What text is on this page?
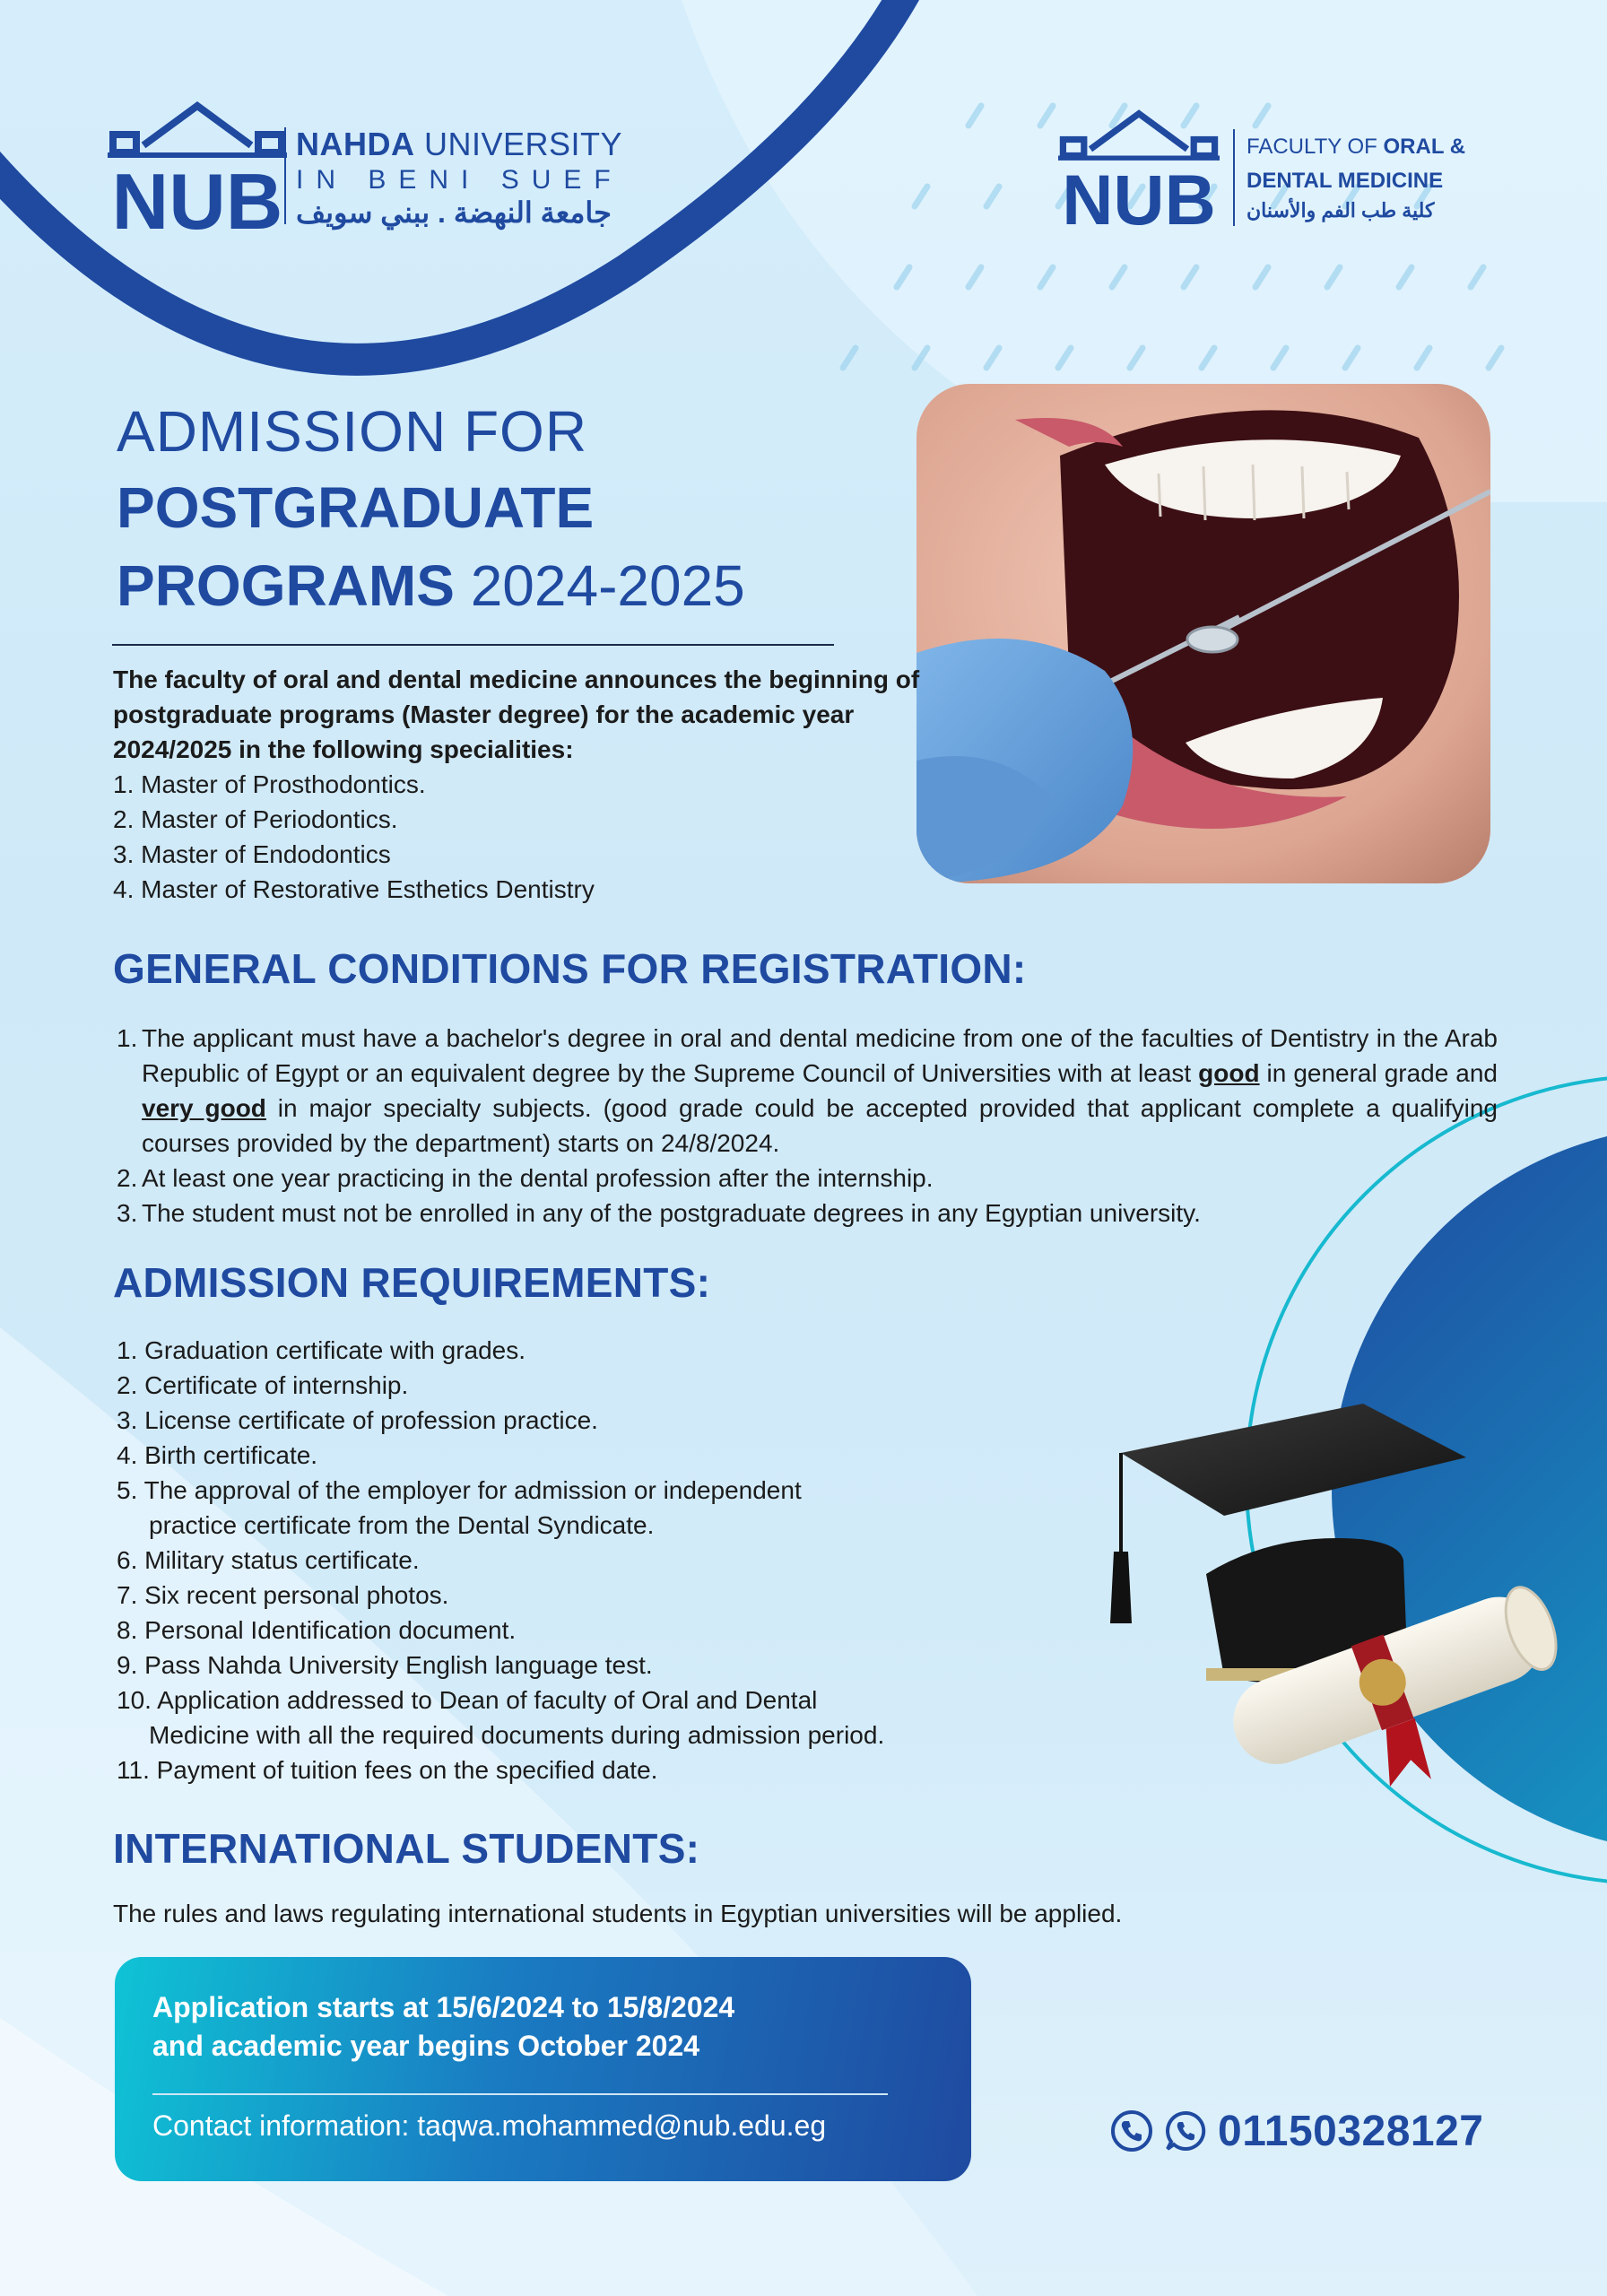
NUB
NAHDA UNIVERSITY
IN BENI SUEF
جامعة النهضة . ببني سويف	NUB
FACULTY OF ORAL &
DENTAL MEDICINE
كلية طب الفم والأسنان
ADMISSION FOR
POSTGRADUATE
PROGRAMS 2024-2025
The faculty of oral and dental medicine announces the beginning of postgraduate programs (Master degree) for the academic year 2024/2025 in the following specialities:
1. Master of Prosthodontics.
2. Master of Periodontics.
3. Master of Endodontics
4. Master of Restorative Esthetics Dentistry
GENERAL CONDITIONS FOR REGISTRATION:
1. The applicant must have a bachelor's degree in oral and dental medicine from one of the faculties of Dentistry in the Arab Republic of Egypt or an equivalent degree by the Supreme Council of Universities with at least good in general grade and very good in major specialty subjects. (good grade could be accepted provided that applicant complete a qualifying courses provided by the department) starts on 24/8/2024.
2. At least one year practicing in the dental profession after the internship.
3. The student must not be enrolled in any of the postgraduate degrees in any Egyptian university.
ADMISSION REQUIREMENTS:
1. Graduation certificate with grades.
2. Certificate of internship.
3. License certificate of profession practice.
4. Birth certificate.
5. The approval of the employer for admission or independent
practice certificate from the Dental Syndicate.
6. Military status certificate.
7. Six recent personal photos.
8. Personal Identification document.
9. Pass Nahda University English language test.
10. Application addressed to Dean of faculty of Oral and Dental
Medicine with all the required documents during admission period.
11. Payment of tuition fees on the specified date.
INTERNATIONAL STUDENTS:
The rules and laws regulating international students in Egyptian universities will be applied.
Application starts at 15/6/2024 to 15/8/2024
and academic year begins October 2024
Contact information: taqwa.mohammed@nub.edu.eg	01150328127
